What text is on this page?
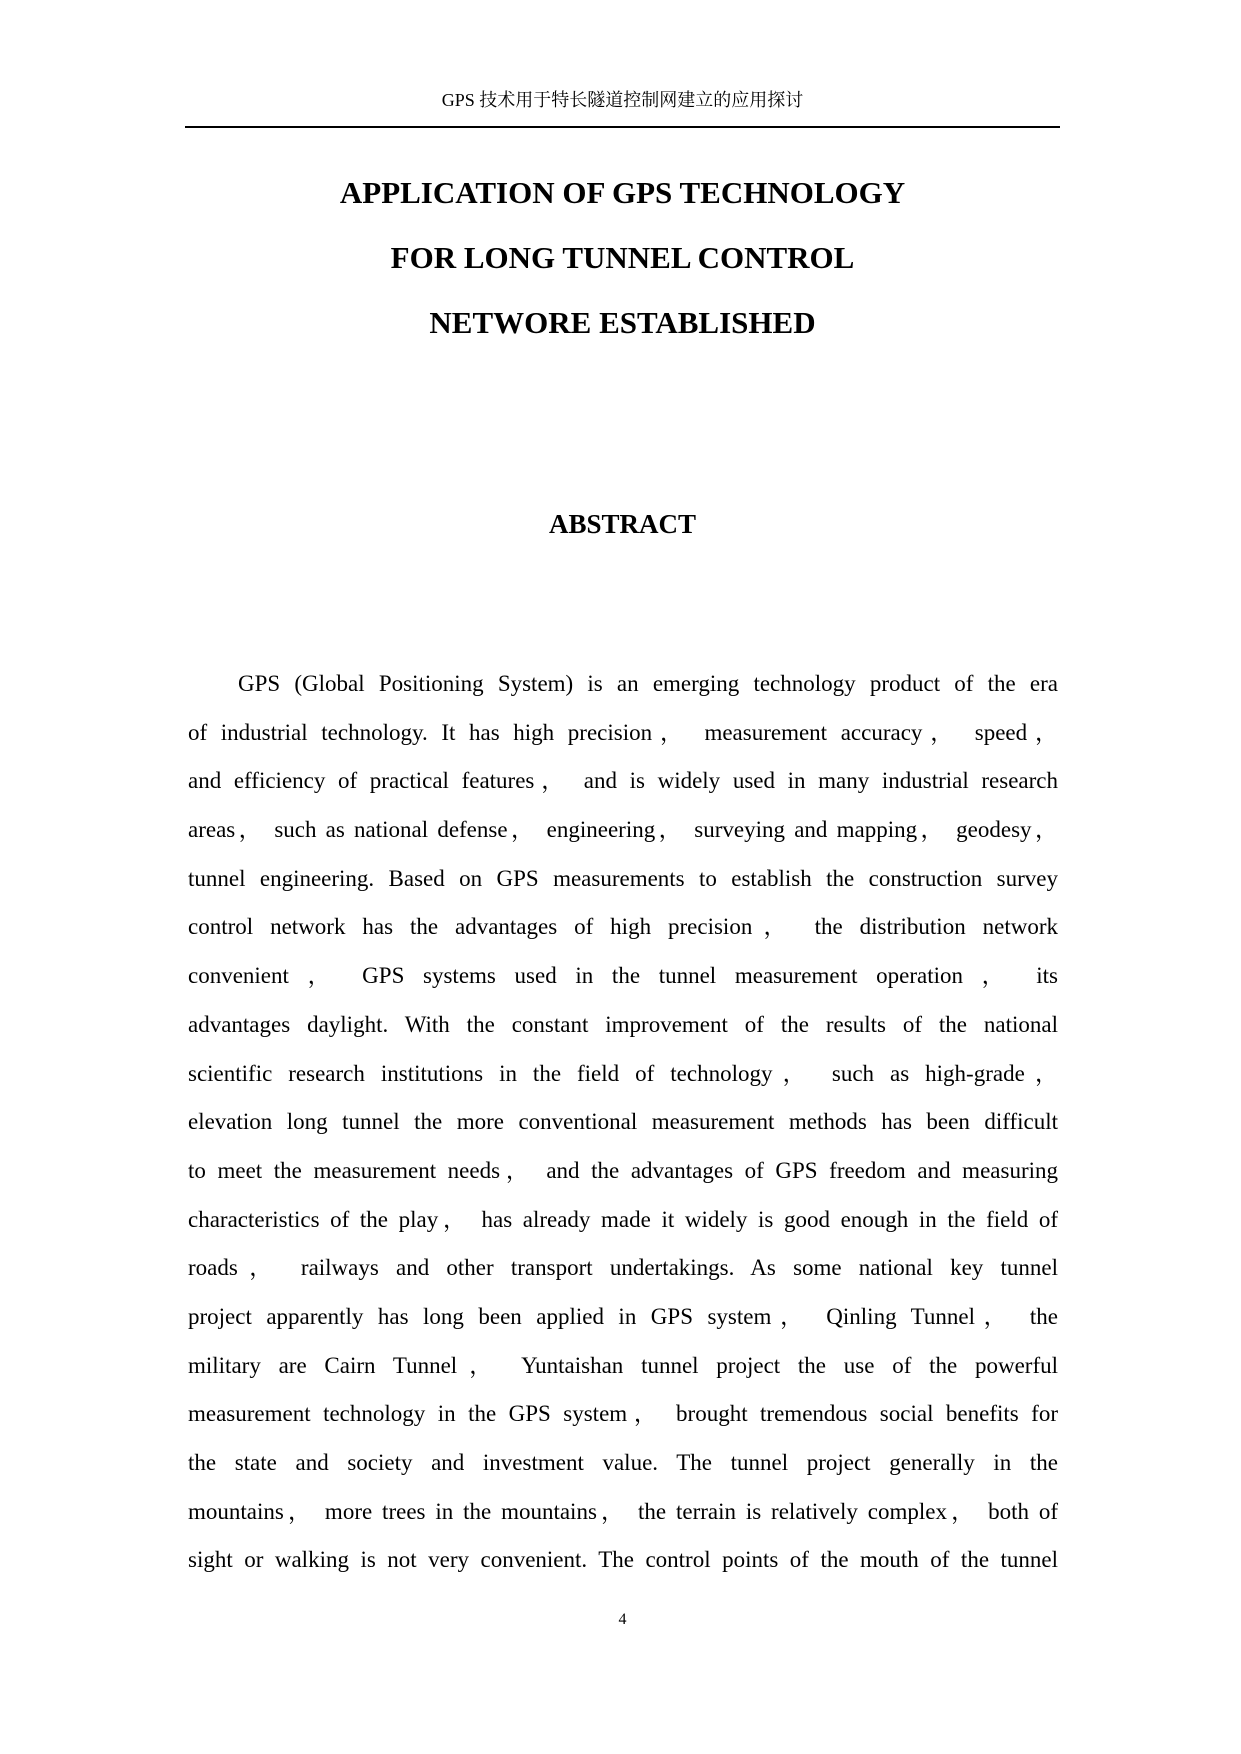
GPS 技术用于特长隧道控制网建立的应用探讨
APPLICATION OF GPS TECHNOLOGY
FOR LONG TUNNEL CONTROL
NETWORE ESTABLISHED
ABSTRACT
GPS (Global Positioning System) is an emerging technology product of the era
of industrial technology. It has high precision， measurement accuracy， speed，
and efficiency of practical features， and is widely used in many industrial research
areas， such as national defense， engineering， surveying and mapping， geodesy，
tunnel engineering. Based on GPS measurements to establish the construction survey
control network has the advantages of high precision， the distribution network
convenient ， GPS systems used in the tunnel measurement operation ， its
advantages daylight. With the constant improvement of the results of the national
scientific research institutions in the field of technology， such as high-grade，
elevation long tunnel the more conventional measurement methods has been difficult
to meet the measurement needs， and the advantages of GPS freedom and measuring
characteristics of the play， has already made it widely is good enough in the field of
roads， railways and other transport undertakings. As some national key tunnel
project apparently has long been applied in GPS system， Qinling Tunnel， the
military are Cairn Tunnel， Yuntaishan tunnel project the use of the powerful
measurement technology in the GPS system， brought tremendous social benefits for
the state and society and investment value. The tunnel project generally in the
mountains， more trees in the mountains， the terrain is relatively complex， both of
sight or walking is not very convenient. The control points of the mouth of the tunnel
4
